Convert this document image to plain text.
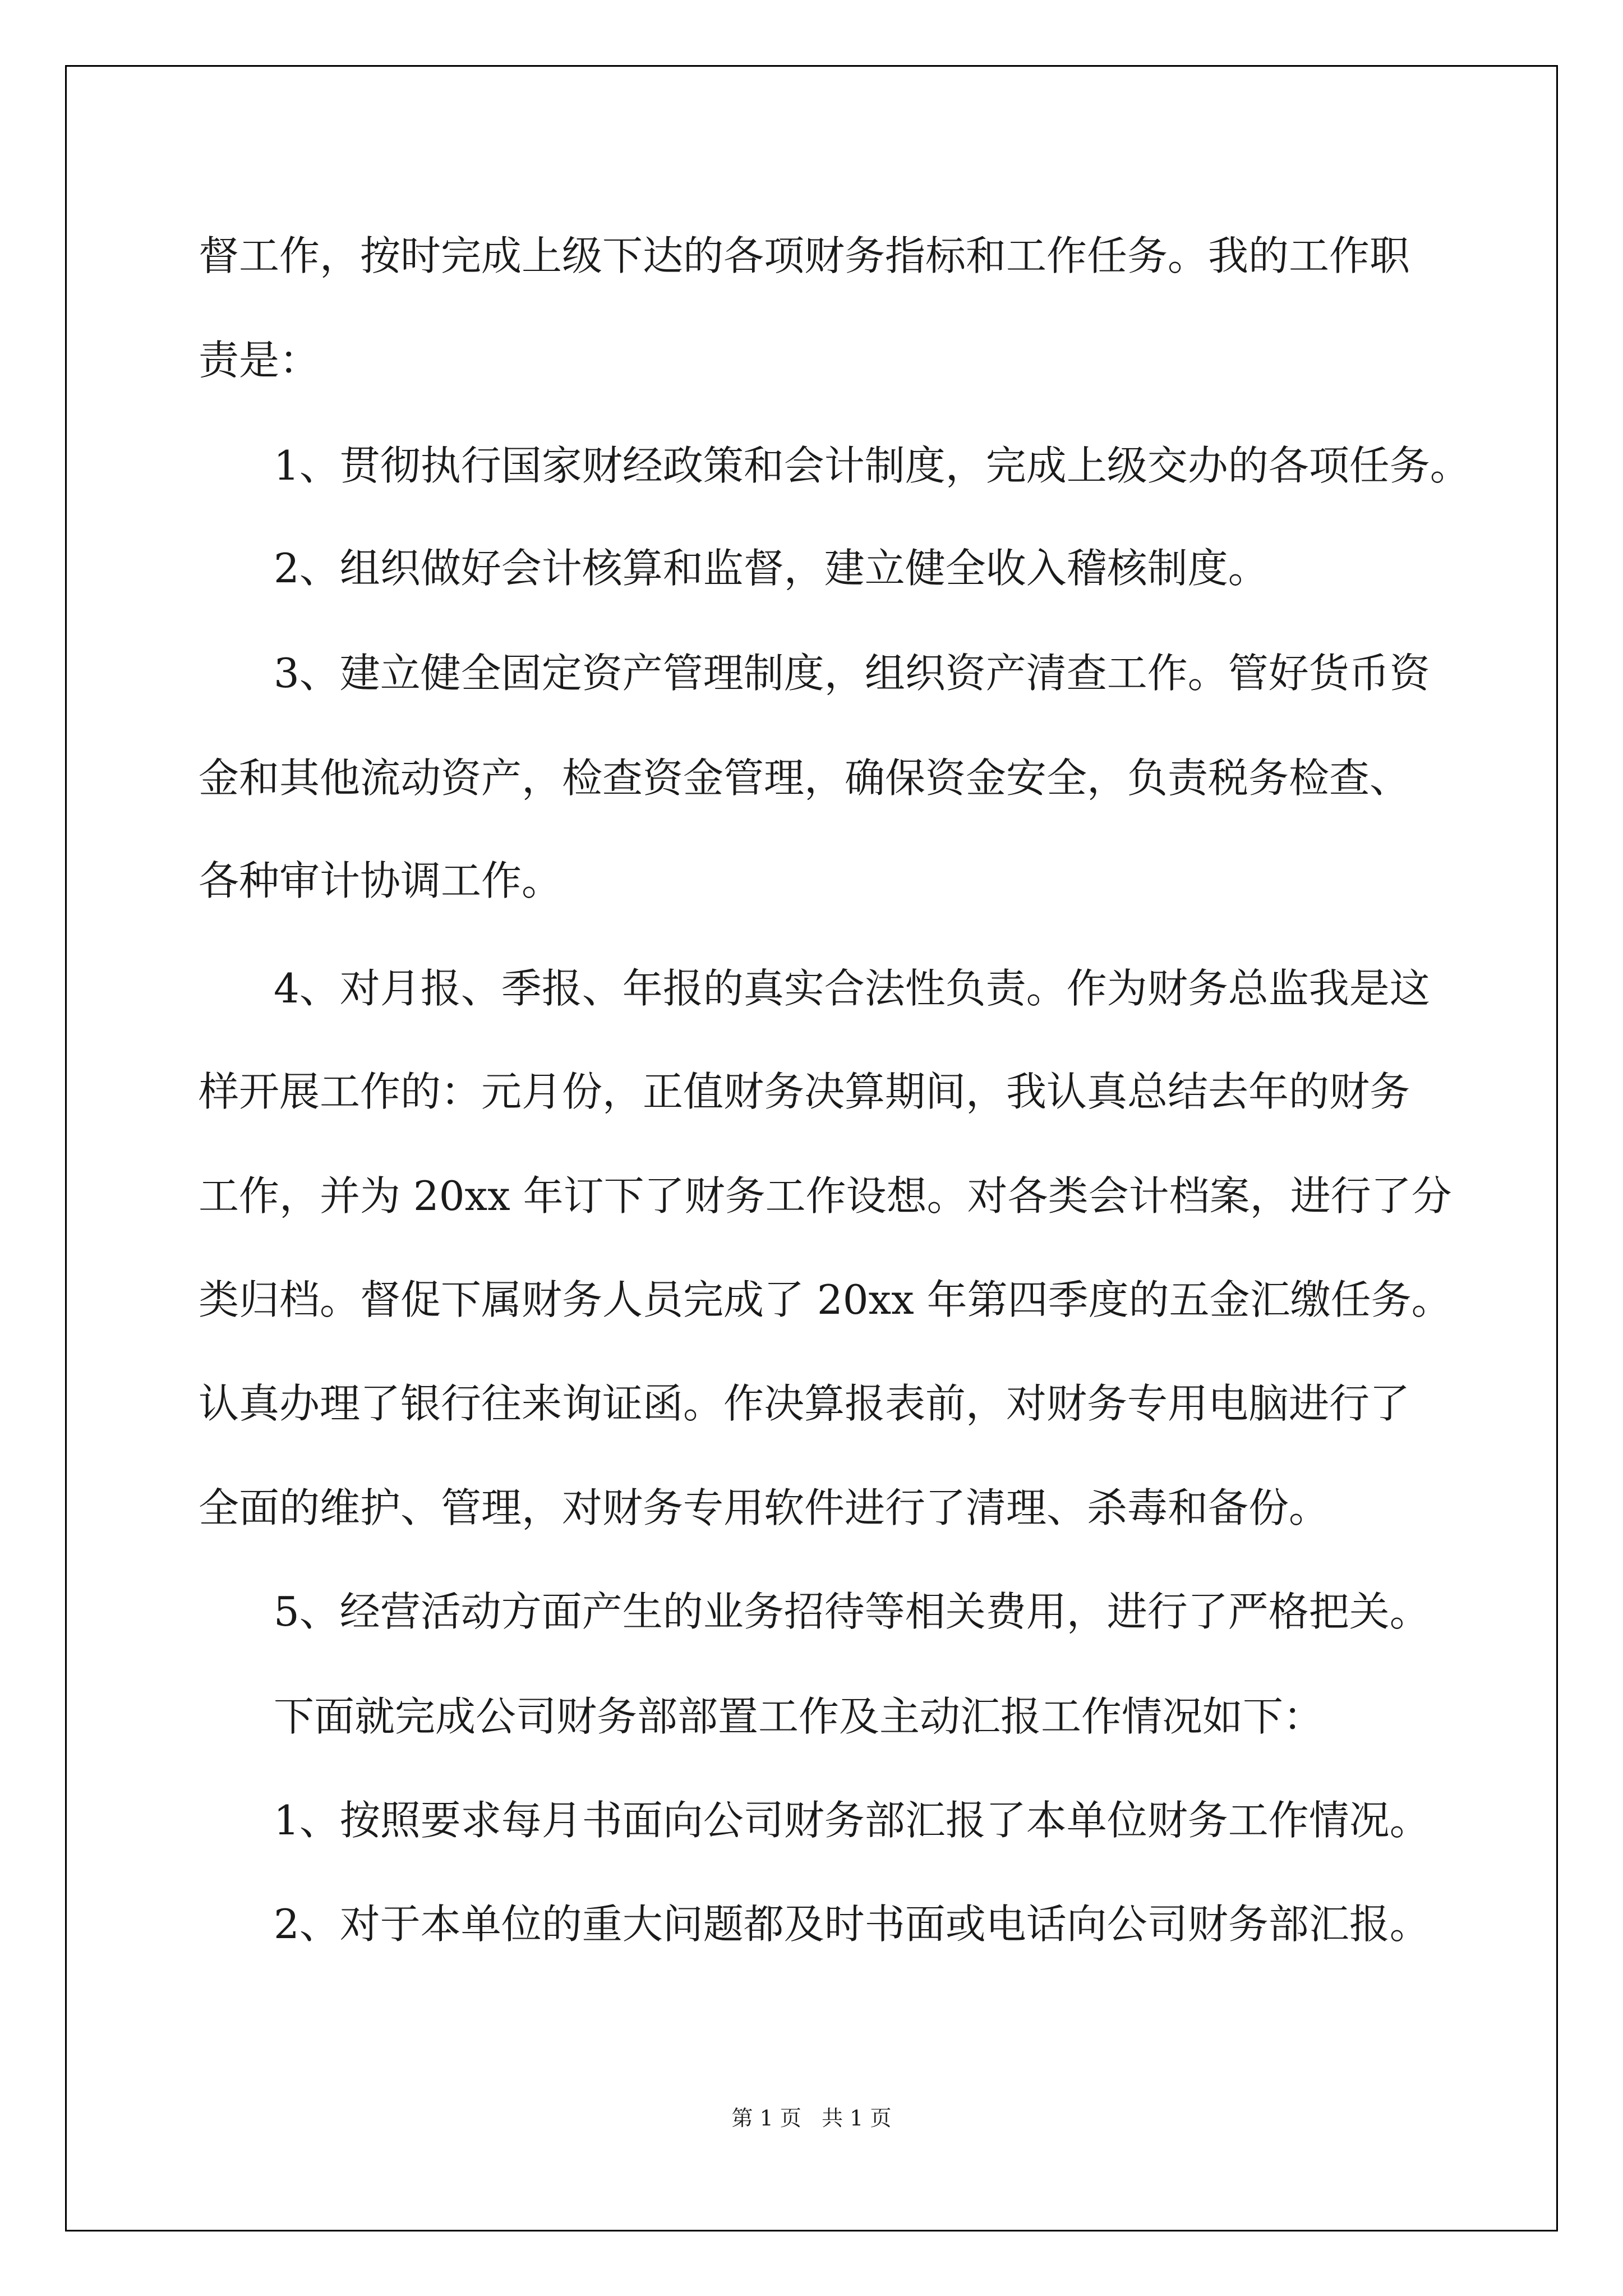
督工作，按时完成上级下达的各项财务指标和工作任务。我的工作职
责是：
1、贯彻执行国家财经政策和会计制度，完成上级交办的各项任务。
2、组织做好会计核算和监督，建立健全收入稽核制度。
3、建立健全固定资产管理制度，组织资产清查工作。管好货币资
金和其他流动资产，检查资金管理，确保资金安全，负责税务检查、
各种审计协调工作。
4、对月报、季报、年报的真实合法性负责。作为财务总监我是这
样开展工作的：元月份，正值财务决算期间，我认真总结去年的财务
工作，并为 20xx 年订下了财务工作设想。对各类会计档案，进行了分
类归档。督促下属财务人员完成了 20xx 年第四季度的五金汇缴任务。
认真办理了银行往来询证函。作决算报表前，对财务专用电脑进行了
全面的维护、管理，对财务专用软件进行了清理、杀毒和备份。
5、经营活动方面产生的业务招待等相关费用，进行了严格把关。
下面就完成公司财务部部置工作及主动汇报工作情况如下：
1、按照要求每月书面向公司财务部汇报了本单位财务工作情况。
2、对于本单位的重大问题都及时书面或电话向公司财务部汇报。
第 1 页   共 1 页
